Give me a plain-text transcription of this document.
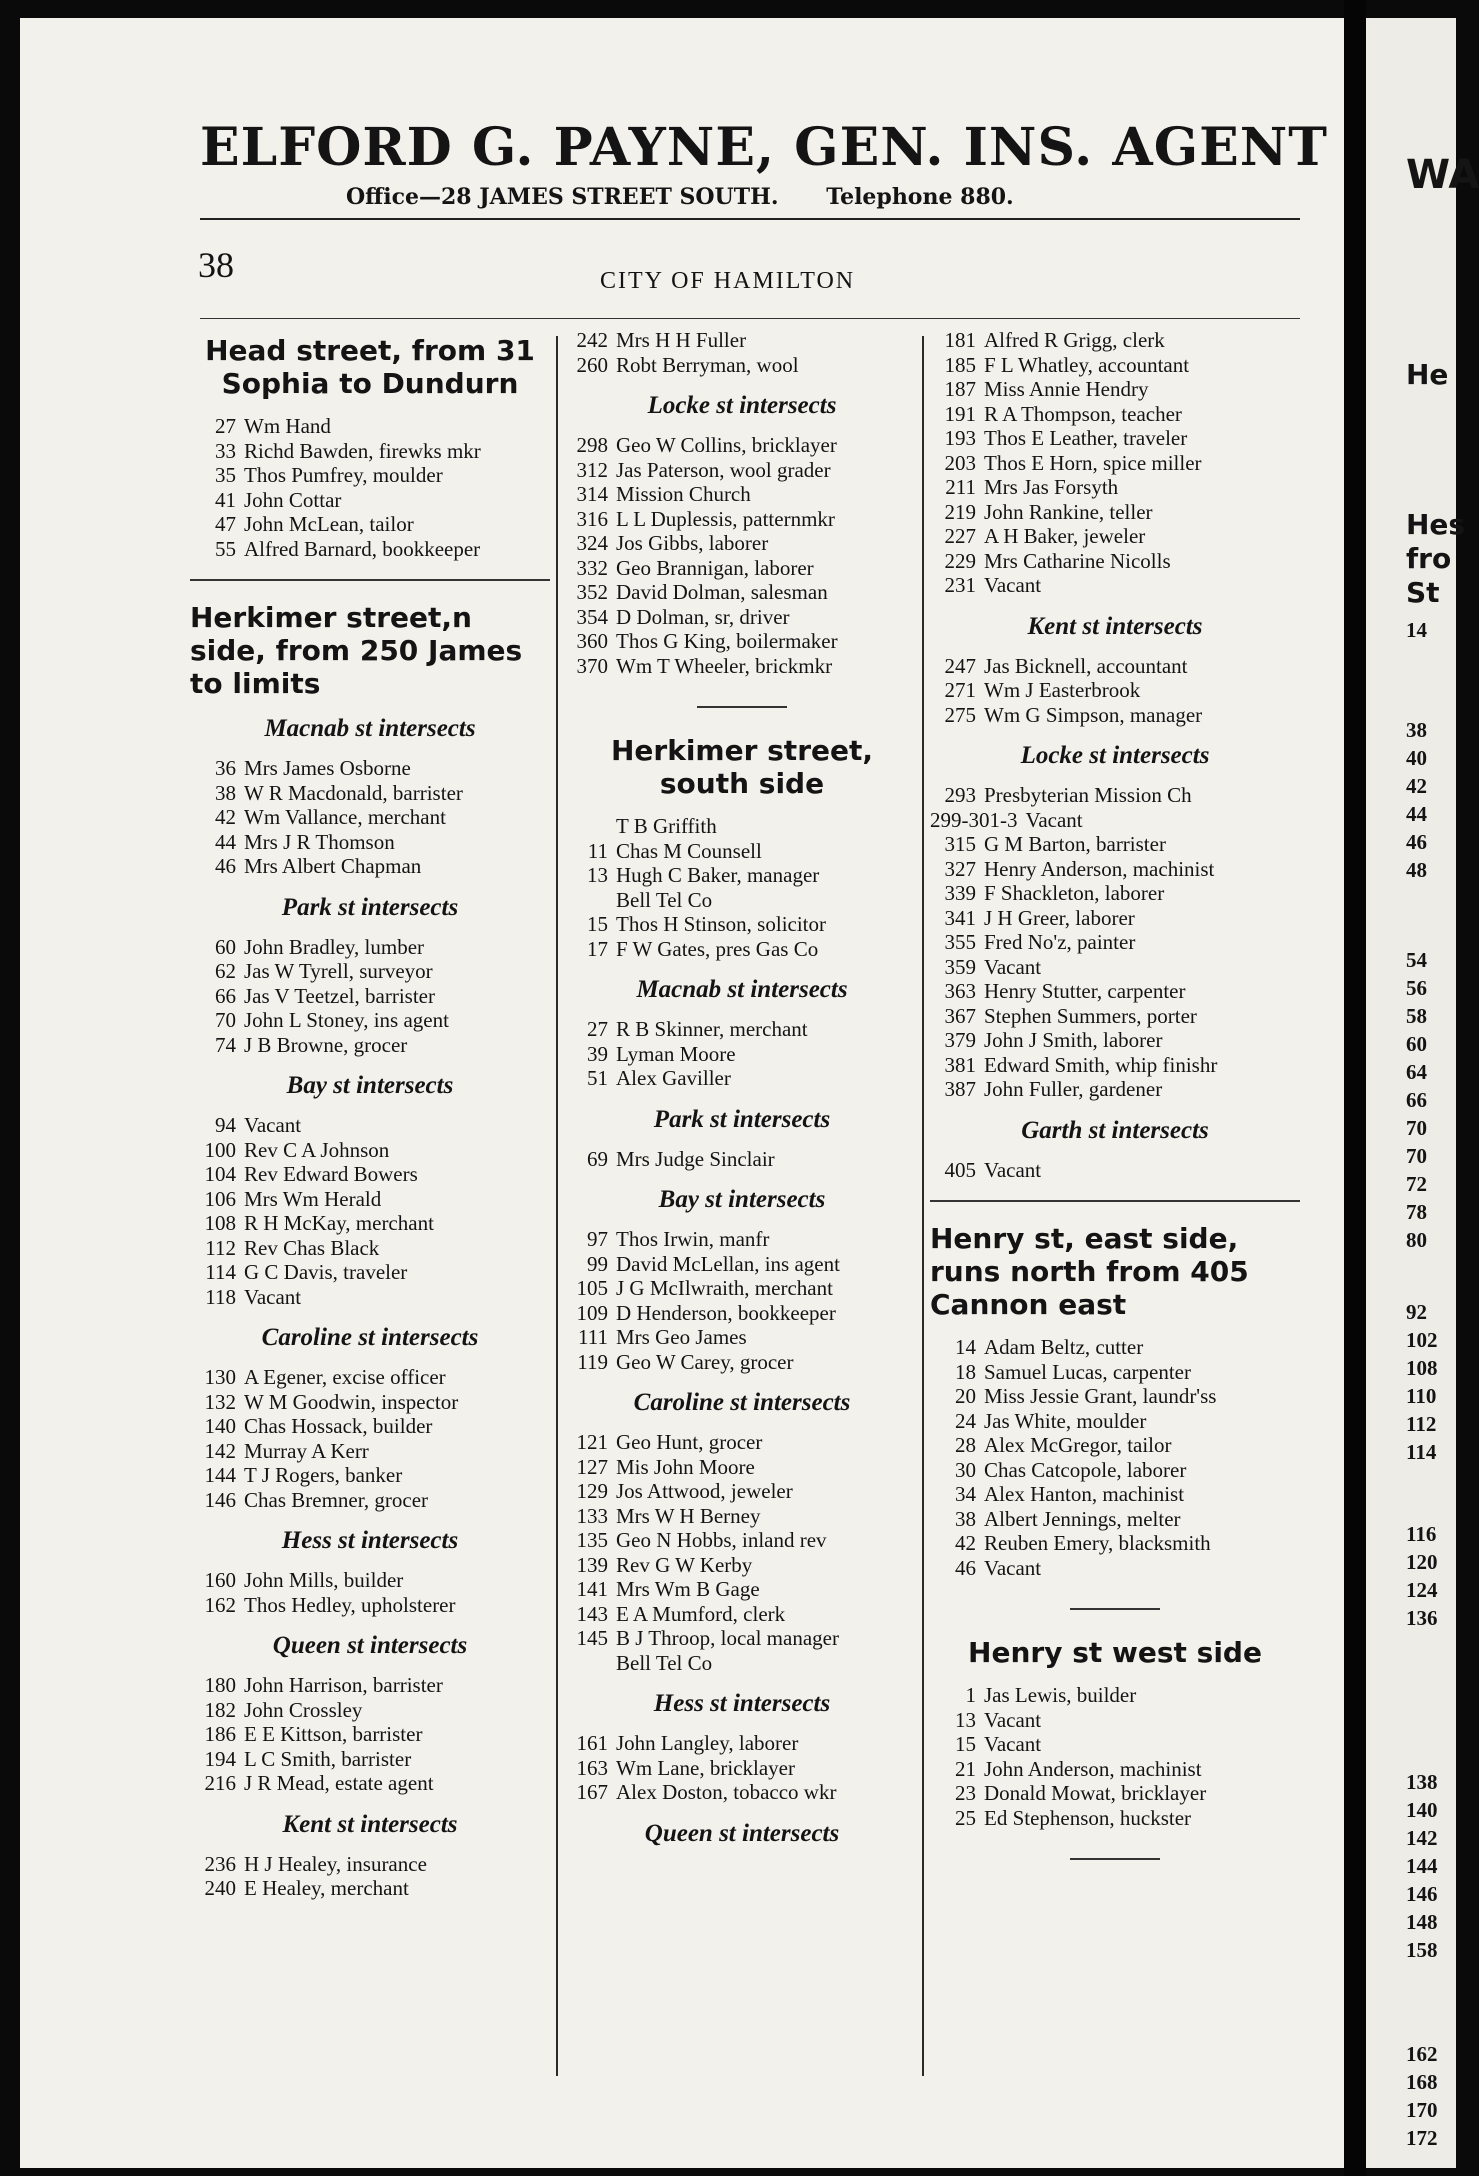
ELFORD G. PAYNE, GEN. INS. AGENT
Office—28 JAMES STREET SOUTH. Telephone 880.
38	CITY OF HAMILTON
Head street, from 31 Sophia to Dundurn
27 Wm Hand
33 Richd Bawden, firewks mkr
35 Thos Pumfrey, moulder
41 John Cottar
47 John McLean, tailor
55 Alfred Barnard, bookkeeper
Herkimer street,n side, from 250 James to limits
Macnab st intersects
36 Mrs James Osborne
38 W R Macdonald, barrister
42 Wm Vallance, merchant
44 Mrs J R Thomson
46 Mrs Albert Chapman
Park st intersects
60 John Bradley, lumber
62 Jas W Tyrell, surveyor
66 Jas V Teetzel, barrister
70 John L Stoney, ins agent
74 J B Browne, grocer
Bay st intersects
94 Vacant
100 Rev C A Johnson
104 Rev Edward Bowers
106 Mrs Wm Herald
108 R H McKay, merchant
112 Rev Chas Black
114 G C Davis, traveler
118 Vacant
Caroline st intersects
130 A Egener, excise officer
132 W M Goodwin, inspector
140 Chas Hossack, builder
142 Murray A Kerr
144 T J Rogers, banker
146 Chas Bremner, grocer
Hess st intersects
160 John Mills, builder
162 Thos Hedley, upholsterer
Queen st intersects
180 John Harrison, barrister
182 John Crossley
186 E E Kittson, barrister
194 L C Smith, barrister
216 J R Mead, estate agent
Kent st intersects
236 H J Healey, insurance
240 E Healey, merchant
242 Mrs H H Fuller
260 Robt Berryman, wool
Locke st intersects
298 Geo W Collins, bricklayer
312 Jas Paterson, wool grader
314 Mission Church
316 L L Duplessis, patternmkr
324 Jos Gibbs, laborer
332 Geo Brannigan, laborer
352 David Dolman, salesman
354 D Dolman, sr, driver
360 Thos G King, boilermaker
370 Wm T Wheeler, brickmkr
Herkimer street, south side
T B Griffith
11 Chas M Counsell
13 Hugh C Baker, manager
Bell Tel Co
15 Thos H Stinson, solicitor
17 F W Gates, pres Gas Co
Macnab st intersects
27 R B Skinner, merchant
39 Lyman Moore
51 Alex Gaviller
Park st intersects
69 Mrs Judge Sinclair
Bay st intersects
97 Thos Irwin, manfr
99 David McLellan, ins agent
105 J G McIlwraith, merchant
109 D Henderson, bookkeeper
111 Mrs Geo James
119 Geo W Carey, grocer
Caroline st intersects
121 Geo Hunt, grocer
127 Mis John Moore
129 Jos Attwood, jeweler
133 Mrs W H Berney
135 Geo N Hobbs, inland rev
139 Rev G W Kerby
141 Mrs Wm B Gage
143 E A Mumford, clerk
145 B J Throop, local manager
Bell Tel Co
Hess st intersects
161 John Langley, laborer
163 Wm Lane, bricklayer
167 Alex Doston, tobacco wkr
Queen st intersects
181 Alfred R Grigg, clerk
185 F L Whatley, accountant
187 Miss Annie Hendry
191 R A Thompson, teacher
193 Thos E Leather, traveler
203 Thos E Horn, spice miller
211 Mrs Jas Forsyth
219 John Rankine, teller
227 A H Baker, jeweler
229 Mrs Catharine Nicolls
231 Vacant
Kent st intersects
247 Jas Bicknell, accountant
271 Wm J Easterbrook
275 Wm G Simpson, manager
Locke st intersects
293 Presbyterian Mission Ch
299-301-3 Vacant
315 G M Barton, barrister
327 Henry Anderson, machinist
339 F Shackleton, laborer
341 J H Greer, laborer
355 Fred No'z, painter
359 Vacant
363 Henry Stutter, carpenter
367 Stephen Summers, porter
379 John J Smith, laborer
381 Edward Smith, whip finishr
387 John Fuller, gardener
Garth st intersects
405 Vacant
Henry st, east side, runs north from 405 Cannon east
14 Adam Beltz, cutter
18 Samuel Lucas, carpenter
20 Miss Jessie Grant, laundr'ss
24 Jas White, moulder
28 Alex McGregor, tailor
30 Chas Catcopole, laborer
34 Alex Hanton, machinist
38 Albert Jennings, melter
42 Reuben Emery, blacksmith
46 Vacant
Henry st west side
1 Jas Lewis, builder
13 Vacant
15 Vacant
21 John Anderson, machinist
23 Donald Mowat, bricklayer
25 Ed Stephenson, huckster
WA
He
Hes
fro
St
14
38
40
42
44
46
48
54
56
58
60
64
66
70
70
72
78
80
92
102
108
110
112
114
116
120
124
136
138
140
142
144
146
148
158
162
168
170
172
